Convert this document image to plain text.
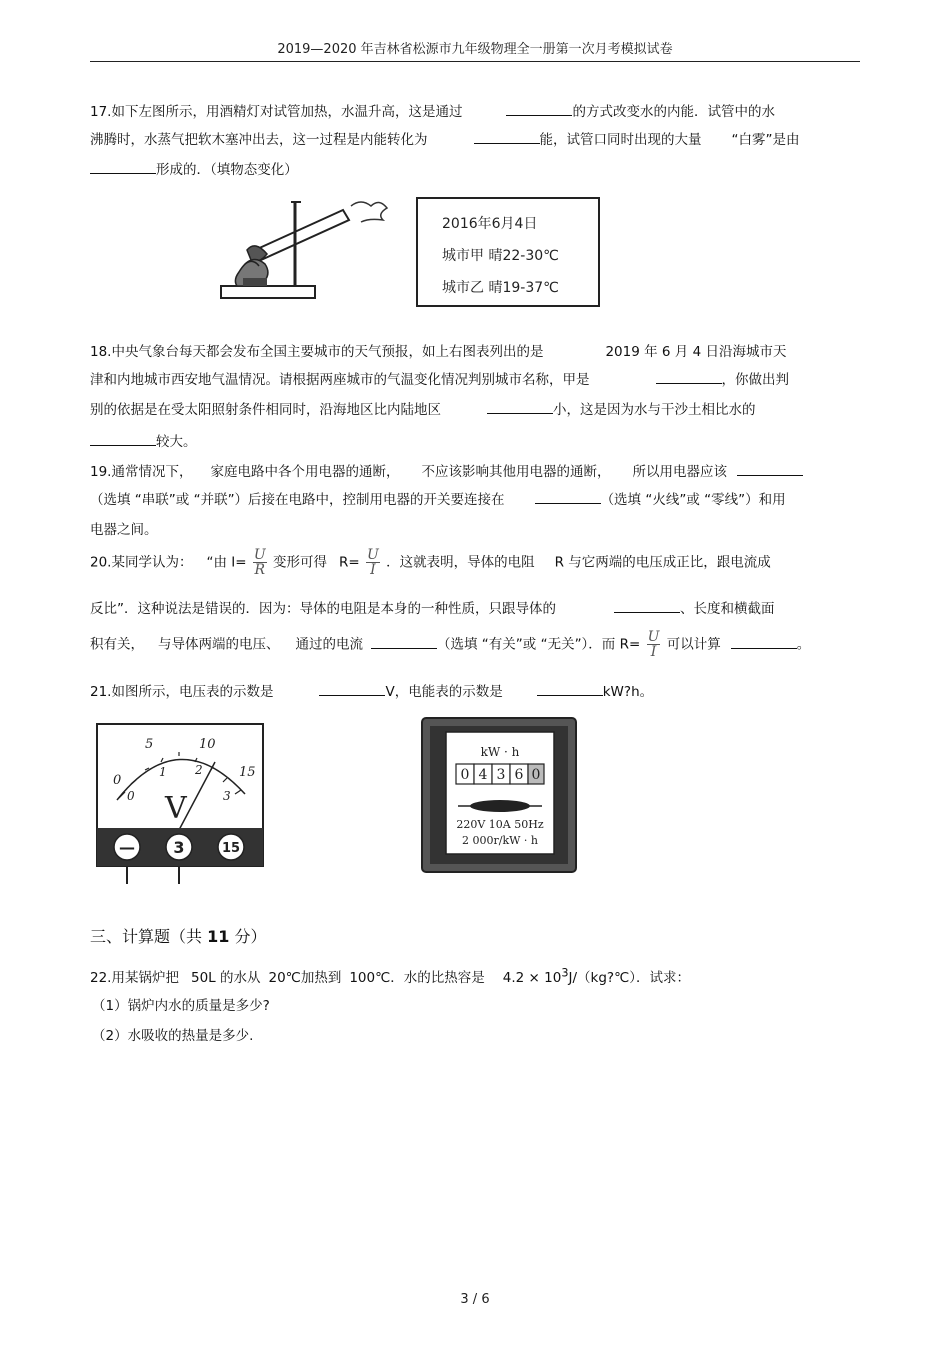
2019—2020 年吉林省松源市九年级物理全一册第一次月考模拟试卷
17.如下左图所示，用酒精灯对试管加热，水温升高，这是通过	的方式改变水的内能．试管中的水
沸腾时，水蒸气把软木塞冲出去，这一过程是内能转化为	能，试管口同时出现的大量 “白雾”是由
形成的．（填物态变化）
2016年6月4日
城市甲 晴22-30℃
城市乙 晴19-37℃
18.中央气象台每天都会发布全国主要城市的天气预报，如上右图表列出的是	2019 年 6 月 4 日沿海城市天
津和内地城市西安地气温情况。请根据两座城市的气温变化情况判别城市名称，甲是	，你做出判
别的依据是在受太阳照射条件相同时，沿海地区比内陆地区	小，这是因为水与干沙土相比水的
较大。
19.通常情况下， 家庭电路中各个用电器的通断， 不应该影响其他用电器的通断， 所以用电器应该
（选填 “串联”或 “并联”）后接在电路中，控制用电器的开关要连接在	（选填 “火线”或 “零线”）和用
电器之间。
20.某同学认为： “由 $I= \frac{U}{R}$ 变形可得 $R= \frac{U}{I}$ ．这就表明，导体的电阻 R 与它两端的电压成正比，跟电流成
反比”．这种说法是错误的．因为：导体的电阻是本身的一种性质，只跟导体的	、长度和横截面
积有关， 与导体两端的电压、 通过的电流	（选填 “有关”或 “无关”）．而 $R= \frac{U}{I}$ 可以计算	。
21.如图所示，电压表的示数是	V，电能表的示数是	kW?h。
0
5	10
15
0
1 2
3
V
— 3	15
kW · h
0 4 3 6 0
220V 10A 50Hz
2 000r/kW · h
三、计算题（共 11 分）
22.用某锅炉把 50L 的水从 20℃加热到 100℃．水的比热容是 $4.2 \times 10^3J/(kg?℃)$．试求：
（1）锅炉内水的质量是多少?
（2）水吸收的热量是多少.
3 / 6
